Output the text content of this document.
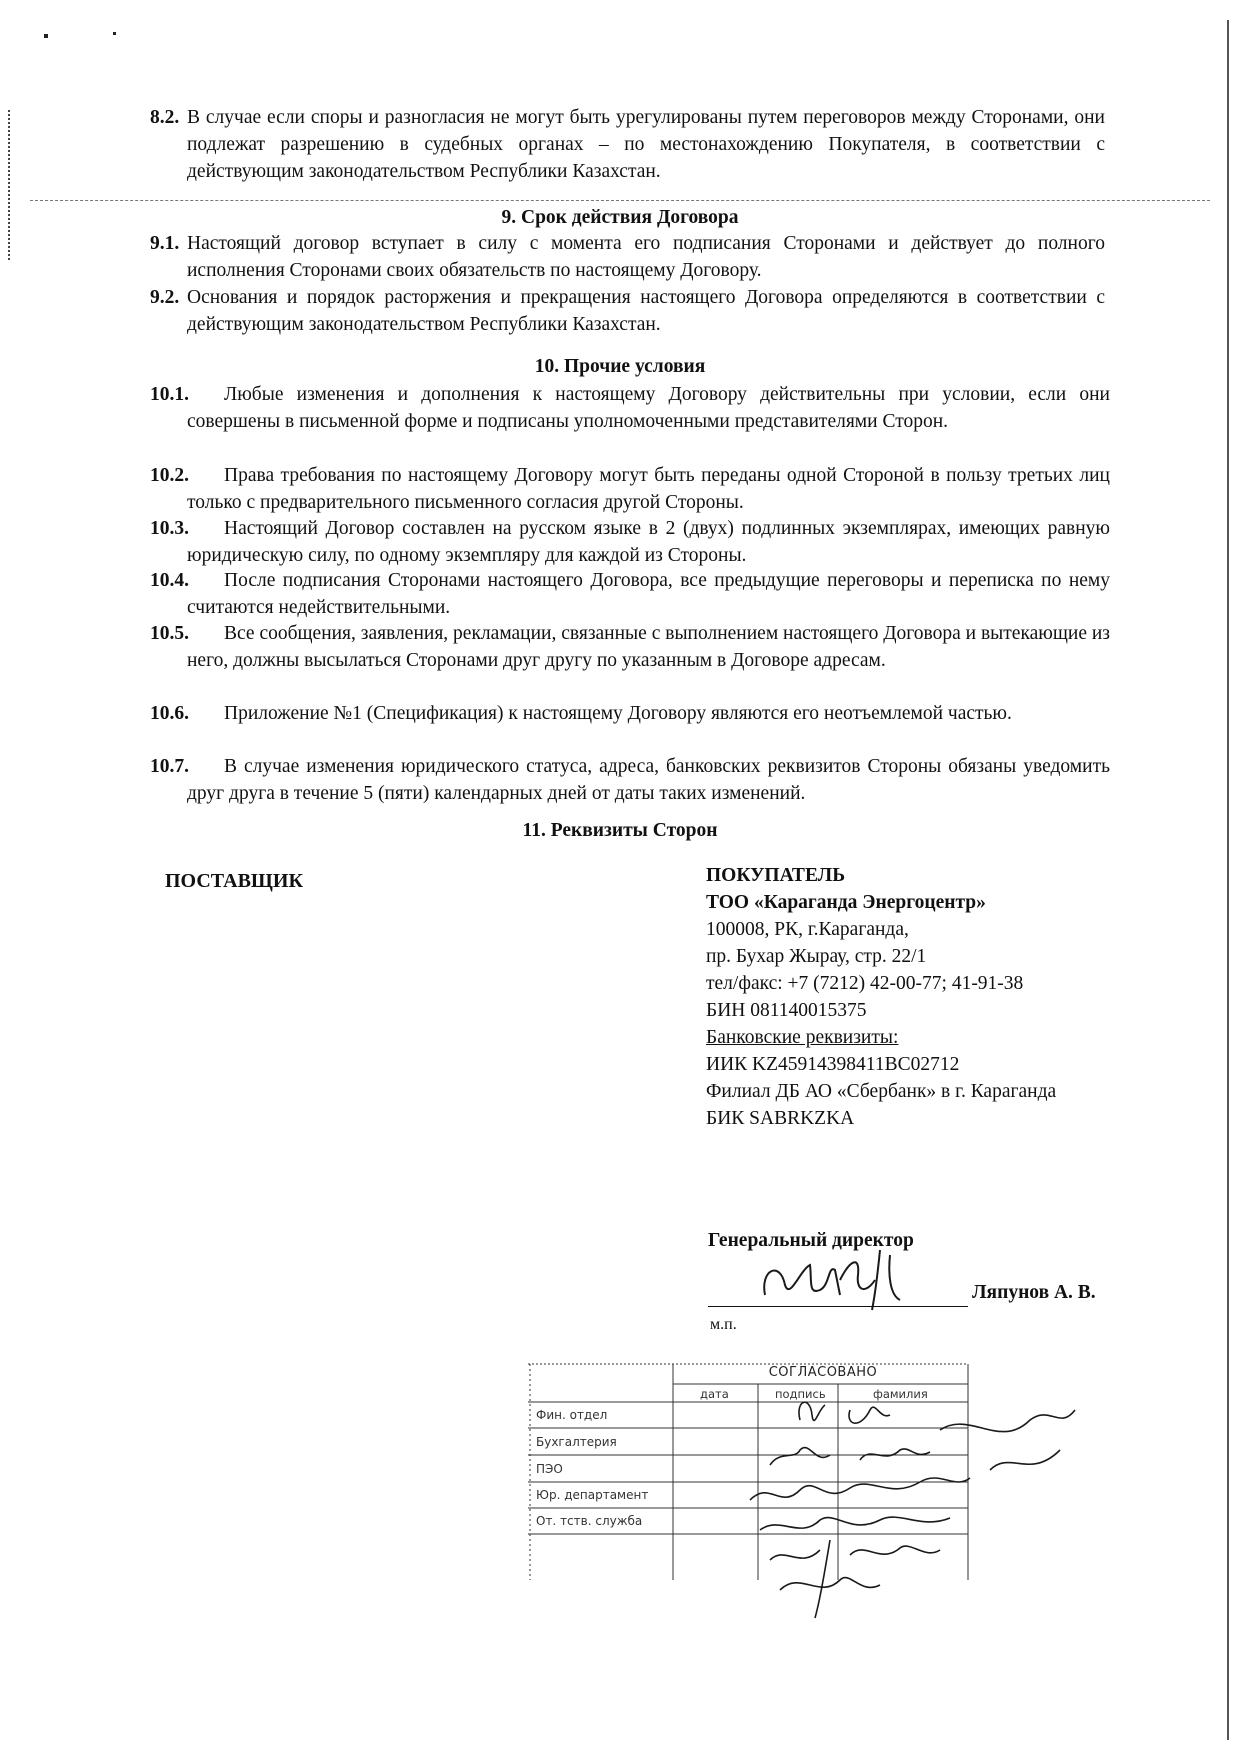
8.2. В случае если споры и разногласия не могут быть урегулированы путем переговоров между Сторонами, они подлежат разрешению в судебных органах – по местонахождению Покупателя, в соответствии с действующим законодательством Республики Казахстан.
9. Срок действия Договора
9.1. Настоящий договор вступает в силу с момента его подписания Сторонами и действует до полного исполнения Сторонами своих обязательств по настоящему Договору.
9.2. Основания и порядок расторжения и прекращения настоящего Договора определяются в соответствии с действующим законодательством Республики Казахстан.
10. Прочие условия
10.1.	Любые изменения и дополнения к настоящему Договору действительны при условии, если они совершены в письменной форме и подписаны уполномоченными представителями Сторон.
10.2.	Права требования по настоящему Договору могут быть переданы одной Стороной в пользу третьих лиц только с предварительного письменного согласия другой Стороны.
10.3.	Настоящий Договор составлен на русском языке в 2 (двух) подлинных экземплярах, имеющих равную юридическую силу, по одному экземпляру для каждой из Стороны.
10.4.	После подписания Сторонами настоящего Договора, все предыдущие переговоры и переписка по нему считаются недействительными.
10.5.	Все сообщения, заявления, рекламации, связанные с выполнением настоящего Договора и вытекающие из него, должны высылаться Сторонами друг другу по указанным в Договоре адресам.
10.6.	Приложение №1 (Спецификация) к настоящему Договору являются его неотъемлемой частью.
10.7.	В случае изменения юридического статуса, адреса, банковских реквизитов Стороны обязаны уведомить друг друга в течение 5 (пяти) календарных дней от даты таких изменений.
11. Реквизиты Сторон
ПОСТАВЩИК	ПОКУПАТЕЛЬ
ТОО «Караганда Энергоцентр»
100008, РК, г.Караганда,
пр. Бухар Жырау, стр. 22/1
тел/факс: +7 (7212) 42-00-77; 41-91-38
БИН 081140015375
Банковские реквизиты:
ИИК KZ45914398411BC02712
Филиал ДБ АО «Сбербанк» в г. Караганда
БИК SABRKZKA
Генеральный директор
Ляпунов А. В.
м.п.
СОГЛАСОВАНО
дата	подпись	фамилия
Фин. отдел
Бухгалтерия
ПЭО
Юр. департамент
От. тств. служба
